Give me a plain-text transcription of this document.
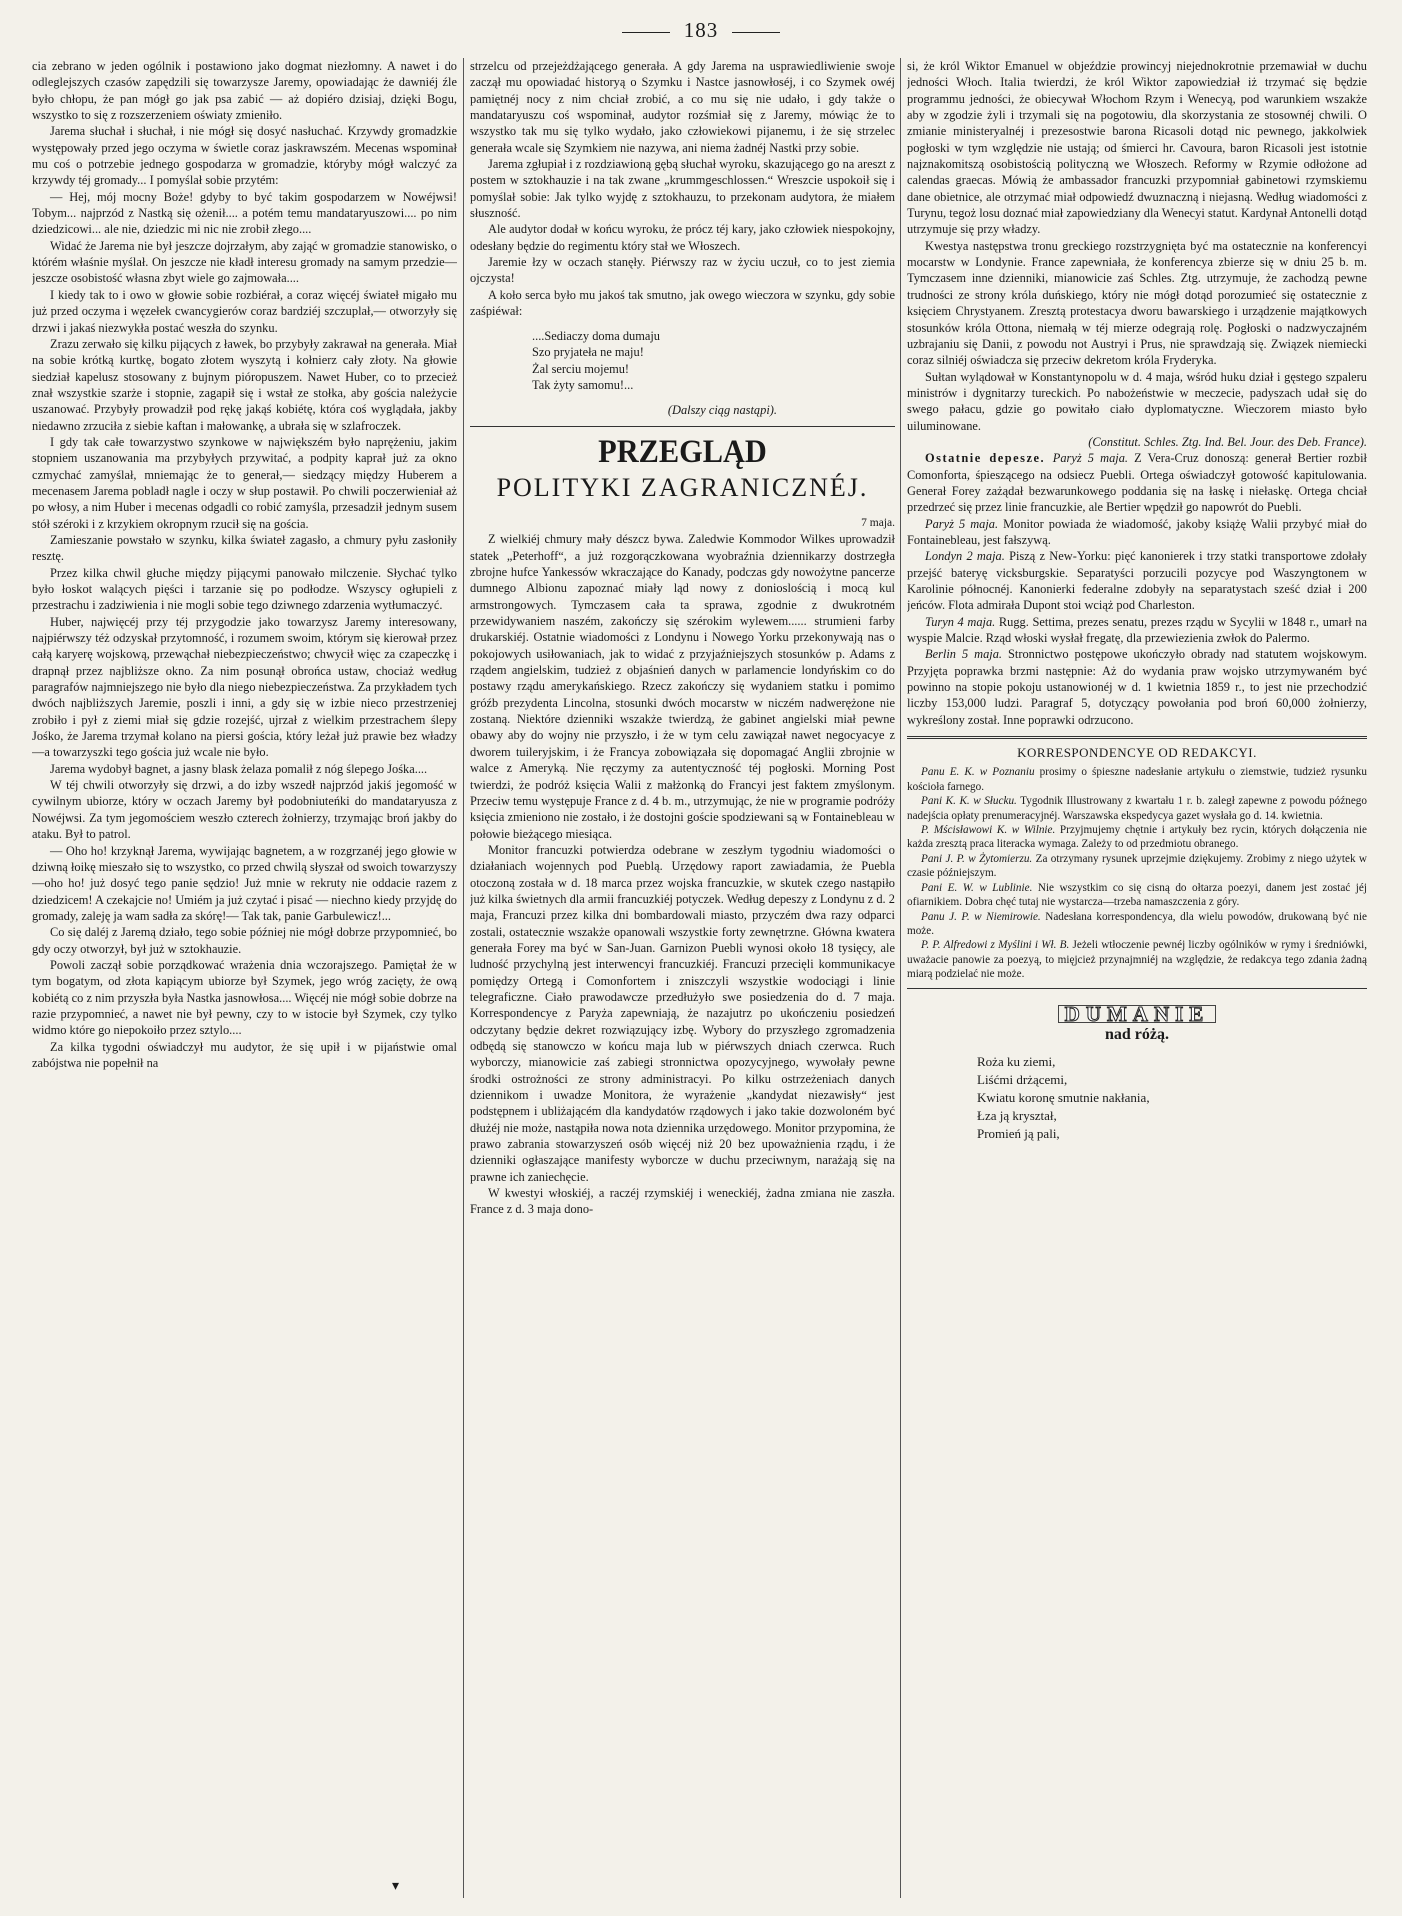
183

cia zebrano w jeden ogólnik i postawiono jako dogmat niezłomny. A nawet i do odleglejszych czasów zapędzili się towarzysze Jaremy, opowiadając że dawniéj źle było chłopu, że pan mógł go jak psa zabić — aż dopiéro dzisiaj, dzięki Bogu, wszystko to się z rozszerzeniem oświaty zmieniło.

Jarema słuchał i słuchał, i nie mógł się dosyć nasłuchać. Krzywdy gromadzkie występowały przed jego oczyma w świetle coraz jaskrawszém. Mecenas wspominał mu coś o potrzebie jednego gospodarza w gromadzie, któryby mógł walczyć za krzywdy téj gromady... I pomyślał sobie przytém:

— Hej, mój mocny Boże! gdyby to być takim gospodarzem w Nowéjwsi! Tobym... najprzód z Nastką się ożenił.... a potém temu mandataryuszowi.... po nim dziedzicowi... ale nie, dziedzic mi nic nie zrobił złego....

Widać że Jarema nie był jeszcze dojrzałym, aby zająć w gromadzie stanowisko, o którém właśnie myślał. On jeszcze nie kładł interesu gromady na samym przedzie—jeszcze osobistość własna zbyt wiele go zajmowała....

I kiedy tak to i owo w głowie sobie rozbiérał, a coraz więcéj świateł migało mu już przed oczyma i węzełek cwancygierów coraz bardziéj szczuplał,— otworzyły się drzwi i jakaś niezwykła postać weszła do szynku.

Zrazu zerwało się kilku pijących z ławek, bo przybyły zakrawał na generała. Miał na sobie krótką kurtkę, bogato złotem wyszytą i kołnierz cały złoty. Na głowie siedział kapelusz stosowany z bujnym pióropuszem. Nawet Huber, co to przecież znał wszystkie szarże i stopnie, zagapił się i wstał ze stołka, aby gościa należycie uszanować. Przybyły prowadził pod rękę jakąś kobiétę, która coś wyglądała, jakby niedawno zrzuciła z siebie kaftan i małowankę, a ubrała się w szlafroczek.

I gdy tak całe towarzystwo szynkowe w największém było naprężeniu, jakim stopniem uszanowania ma przybyłych przywitać, a podpity kaprał już za okno czmychać zamyślał, mniemając że to generał,— siedzący między Huberem a mecenasem Jarema pobladł nagle i oczy w słup postawił. Po chwili poczerwieniał aż po włosy, a nim Huber i mecenas odgadli co robić zamyśla, przesadził jednym susem stół széroki i z krzykiem okropnym rzucił się na gościa.

Zamieszanie powstało w szynku, kilka świateł zagasło, a chmury pyłu zasłoniły resztę.

Przez kilka chwil głuche między pijącymi panowało milczenie. Słychać tylko było łoskot walących pięści i tarzanie się po podłodze. Wszyscy ogłupieli z przestrachu i zadziwienia i nie mogli sobie tego dziwnego zdarzenia wytłumaczyć.

Huber, najwięcéj przy téj przygodzie jako towarzysz Jaremy interesowany, najpiérwszy téż odzyskał przytomność, i rozumem swoim, którym się kierował przez całą karyerę wojskową, przewąchał niebezpieczeństwo; chwycił więc za czapeczkę i drapnął przez najbliższe okno. Za nim posunął obrońca ustaw, chociaż według paragrafów najmniejszego nie było dla niego niebezpieczeństwa. Za przykładem tych dwóch najbliższych Jaremie, poszli i inni, a gdy się w izbie nieco przestrzenie̜j zrobiło i pył z ziemi miał się gdzie rozejść, ujrzał z wielkim przestrachem ślepy Jośko, że Jarema trzymał kolano na piersi gościa, który leżał już prawie bez władzy—a towarzyszki tego gościa już wcale nie było.

Jarema wydobył bagnet, a jasny blask żelaza pomalił z nóg ślepego Jośka....

W téj chwili otworzyły się drzwi, a do izby wszedł najprzód jakiś jegomość w cywilnym ubiorze, który w oczach Jaremy był podobniuteńki do mandataryusza z Nowéjwsi. Za tym jegomościem weszło czterech żołnierzy, trzymając broń jakby do ataku. Był to patrol.

— Oho ho! krzyknął Jarema, wywijając bagnetem, a w rozgrzanéj jego głowie w dziwną łoikę mieszało się to wszystko, co przed chwilą słyszał od swoich towarzyszy—oho ho! już dosyć tego panie sędzio! Już mnie w rekruty nie oddacie razem z dziedzicem! A czekajcie no! Umiém ja już czytać i pisać — niechno kiedy przyjdę do gromady, zaleję ja wam sadła za skórę!— Tak tak, panie Garbulewicz!...

Co się daléj z Jaremą działo, tego sobie później nie mógł dobrze przypomnieć, bo gdy oczy otworzył, był już w sztokhauzie.

Powoli zaczął sobie porządkować wrażenia dnia wczorajszego. Pamiętał że w tym bogatym, od złota kapiącym ubiorze był Szymek, jego wróg zacięty, że ową kobiétą co z nim przyszła była Nastka jasnowłosa.... Więcéj nie mógł sobie dobrze na razie przypomnieć, a nawet nie był pewny, czy to w istocie był Szymek, czy tylko widmo które go niepokoiło przez sztylo....

Za kilka tygodni oświadczył mu audytor, że się upił i w pijaństwie omal zabójstwa nie popełnił na

strzelcu od przejeżdżającego generała. A gdy Jarema na usprawiedliwienie swoje zaczął mu opowiadać historyą o Szymku i Nastce jasnowłoséj, i co Szymek owéj pamiętnéj nocy z nim chciał zrobić, a co mu się nie udało, i gdy także o mandataryuszu coś wspominał, audytor rozśmiał się z Jaremy, mówiąc że to wszystko tak mu się tylko wydało, jako człowiekowi pijanemu, i że się strzelec generała wcale się Szymkiem nie nazywa, ani niema żadnéj Nastki przy sobie.

Jarema zgłupiał i z rozdziawioną gębą słuchał wyroku, skazującego go na areszt z postem w sztokhauzie i na tak zwane „krummgeschlossen.“ Wreszcie uspokoił się i pomyślał sobie: Jak tylko wyjdę z sztokhauzu, to przekonam audytora, że miałem słuszność.

Ale audytor dodał w końcu wyroku, że prócz téj kary, jako człowiek niespokojny, odesłany będzie do regimentu który stał we Włoszech.

Jaremie łzy w oczach stanęły. Piérwszy raz w życiu uczuł, co to jest ziemia ojczysta!

A koło serca było mu jakoś tak smutno, jak owego wieczora w szynku, gdy sobie zaśpiéwał:

....Sediaczy doma dumaju
Szo pryjateła ne maju!
Żal serciu mojemu!
Tak żyty samomu!...
(Dalszy ciąg nastąpi).
PRZEGLĄD
POLITYKI ZAGRANICZNÉJ.
7 maja.

Z wielkiéj chmury mały dészcz bywa. Zaledwie Kommodor Wilkes uprowadził statek „Peterhoff“, a już rozgorączkowana wyobraźnia dziennikarzy dostrzegła zbrojne hufce Yankessów wkraczające do Kanady, podczas gdy nowożytne pancerze dumnego Albionu zapoznać miały ląd nowy z donioslością i mocą kul armstrongowych. Tymczasem cała ta sprawa, zgodnie z dwukrotném przewidywaniem naszém, zakończy się szérokim wylewem...... strumieni farby drukarskiéj. Ostatnie wiadomości z Londynu i Nowego Yorku przekonywają nas o pokojowych usiłowaniach, jak to widać z przyjaźniejszych stosunków p. Adams z rządem angielskim, tudzież z objaśnień danych w parlamencie londyńskim co do postawy rządu amerykańskiego. Rzecz zakończy się wydaniem statku i pomimo gróźb prezydenta Lincolna, stosunki dwóch mocarstw w niczém nadwerężone nie zostaną. Niektóre dzienniki wszakże twierdzą, że gabinet angielski miał pewne obawy aby do wojny nie przyszło, i że w tym celu zawiązał nawet negocyacye z dworem tuileryjskim, i że Francya zobowiązała się dopomagać Anglii zbrojnie w walce z Ameryką. Nie ręczymy za autentyczność téj pogłoski. Morning Post twierdzi, że podróż księcia Walii z małżonką do Francyi jest faktem zmyślonym. Przeciw temu występuje France z d. 4 b. m., utrzymując, że nie w programie podróży księcia zmieniono nie zostało, i że dostojni goście spodziewani są w Fontainebleau w połowie bieżącego miesiąca.

Monitor francuzki potwierdza odebrane w zeszłym tygodniu wiadomości o działaniach wojennych pod Pueblą. Urzędowy raport zawiadamia, że Puebla otoczoną została w d. 18 marca przez wojska francuzkie, w skutek czego nastąpiło już kilka świetnych dla armii francuzkiéj potyczek. Według depeszy z Londynu z d. 2 maja, Francuzi przez kilka dni bombardowali miasto, przyczém dwa razy odparci zostali, ostatecznie wszakże opanowali wszystkie forty zewnętrzne. Główna kwatera generała Forey ma być w San-Juan. Garnizon Puebli wynosi około 18 tysięcy, ale ludność przychylną jest interwencyi francuzkiéj. Francuzi przecięli kommunikacye pomiędzy Ortegą i Comonfortem i zniszczyli wszystkie wodociągi i linie telegraficzne. Ciało prawodawcze przedłużyło swe posiedzenia do d. 7 maja. Korrespondencye z Paryża zapewniają, że nazajutrz po ukończeniu posiedzeń odczytany będzie dekret rozwiązujący izbę. Wybory do przyszłego zgromadzenia odbędą się stanowczo w końcu maja lub w piérwszych dniach czerwca. Ruch wyborczy, mianowicie zaś zabiegi stronnictwa opozycyjnego, wywołały pewne środki ostrożności ze strony administracyi. Po kilku ostrzeżeniach danych dziennikom i uwadze Monitora, że wyrażenie „kandydat niezawisły“ jest podstępnem i ubliżającém dla kandydatów rządowych i jako takie dozwoloném być dłużéj nie może, nastąpiła nowa nota dziennika urzędowego. Monitor przypomina, że prawo zabrania stowarzyszeń osób więcéj niż 20 bez upoważnienia rządu, i że dzienniki ogłaszające manifesty wyborcze w duchu przeciwnym, narażają się na prawne ich zaniechęcie.

W kwestyi włoskiéj, a raczéj rzymskiéj i weneckiéj, żadna zmiana nie zaszła. France z d. 3 maja dono-

si, że król Wiktor Emanuel w objeździe prowincyj niejednokrotnie przemawiał w duchu jedności Włoch. Italia twierdzi, że król Wiktor zapowiedział iż trzymać się będzie programmu jedności, że obiecywał Włochom Rzym i Wenecyą, pod warunkiem wszakże aby w zgodzie żyli i trzymali się na pogotowiu, dla skorzystania ze stosownéj chwili. O zmianie ministeryalnéj i prezesostwie barona Ricasoli dotąd nic pewnego, jakkolwiek pogłoski w tym względzie nie ustają; od śmierci hr. Cavoura, baron Ricasoli jest istotnie najznakomitszą osobistością polityczną we Włoszech. Reformy w Rzymie odłożone ad calendas graecas. Mówią że ambassador francuzki przypomniał gabinetowi rzymskiemu dane obietnice, ale otrzymać miał odpowiedź dwuznaczną i niejasną. Według wiadomości z Turynu, tegoż losu doznać miał zapowiedziany dla Wenecyi statut. Kardynał Antonelli dotąd utrzymuje się przy władzy.

Kwestya następstwa tronu greckiego rozstrzygnięta być ma ostatecznie na konferencyi mocarstw w Londynie. France zapewniała, że konferencya zbierze się w dniu 25 b. m. Tymczasem inne dzienniki, mianowicie zaś Schles. Ztg. utrzymuje, że zachodzą pewne trudności ze strony króla duńskiego, który nie mógł dotąd porozumieć się ostatecznie z księciem Chrystyanem. Zresztą protestacya dworu bawarskiego i urządzenie majątkowych stosunków króla Ottona, niemałą w téj mierze odegrają rolę. Pogłoski o nadzwyczajném uzbrajaniu się Danii, z powodu not Austryi i Prus, nie sprawdzają się. Związek niemiecki coraz silniéj oświadcza się przeciw dekretom króla Fryderyka.

Sułtan wylądował w Konstantynopolu w d. 4 maja, wśród huku dział i gęstego szpaleru ministrów i dygnitarzy tureckich. Po nabożeństwie w meczecie, padyszach udał się do swego pałacu, gdzie go powitało ciało dyplomatyczne. Wieczorem miasto było uiluminowane.

(Constitut. Schles. Ztg. Ind. Bel. Jour. des Deb. France).

Ostatnie depesze. Paryż 5 maja. Z Vera-Cruz donoszą: generał Bertier rozbił Comonforta, śpieszącego na odsiecz Puebli. Ortega oświadczył gotowość kapitulowania. Generał Forey zażądał bezwarunkowego poddania się na łaskę i niełaskę. Ortega chciał przedrzeć się przez linie francuzkie, ale Bertier wpędził go napowrót do Puebli.

Paryż 5 maja. Monitor powiada że wiadomość, jakoby książę Walii przybyć miał do Fontainebleau, jest fałszywą.

Londyn 2 maja. Piszą z New-Yorku: pięć kanonierek i trzy statki transportowe zdołały przejść bateryę vicksburgskie. Separatyści porzucili pozycye pod Waszyngtonem w Karolinie północnéj. Kanonierki federalne zdobyły na separatystach sześć dział i 200 jeńców. Flota admirała Dupont stoi wciąż pod Charleston.

Turyn 4 maja. Rugg. Settima, prezes senatu, prezes rządu w Sycylii w 1848 r., umarł na wyspie Malcie. Rząd włoski wysłał fregatę, dla przewiezienia zwłok do Palermo.

Berlin 5 maja. Stronnictwo postępowe ukończyło obrady nad statutem wojskowym. Przyjęta poprawka brzmi następnie: Aż do wydania praw wojsko utrzymywaném być powinno na stopie pokoju ustanowionéj w d. 1 kwietnia 1859 r., to jest nie przechodzić liczby 153,000 ludzi. Paragraf 5, dotyczący powołania pod broń 60,000 żołnierzy, wykreślony został. Inne poprawki odrzucono.

KORRESPONDENCYE OD REDAKCYI.

Panu E. K. w Poznaniu prosimy o śpieszne nadesłanie artykułu o ziemstwie, tudzież rysunku kościoła farnego.

Pani K. K. w Słucku. Tygodnik Illustrowany z kwartału 1 r. b. zaległ zapewne z powodu późnego nadejścia opłaty prenumeracyjnéj. Warszawska ekspedycya gazet wysłała go d. 14. kwietnia.

P. Mścisławowi K. w Wilnie. Przyjmujemy chętnie i artykuły bez rycin, których dołączenia nie każda zresztą praca literacka wymaga. Zależy to od przedmiotu obranego.

Pani J. P. w Żytomierzu. Za otrzymany rysunek uprzejmie dziękujemy. Zrobimy z niego użytek w czasie późniejszym.

Pani E. W. w Lublinie. Nie wszystkim co się cisną do ołtarza poezyi, danem jest zostać jéj ofiarnikiem. Dobra chęć tutaj nie wystarcza—trzeba namaszczenia z góry.

Panu J. P. w Niemirowie. Nadesłana korrespondencya, dla wielu powodów, drukowaną być nie może.

P. P. Alfredowi z Myślini i Wł. B. Jeżeli wtłoczenie pewnéj liczby ogólników w rymy i średniówki, uważacie panowie za poezyą, to mięjcież przynajmniéj na względzie, że redakcya tego zdania żadną miarą podzielać nie może.

DUMANIE
nad różą.
Roża ku ziemi,
Liśćmi drżącemi,
Kwiatu koronę smutnie nakłania,
Łza ją kryształ,
Promień ją pali,
▾
